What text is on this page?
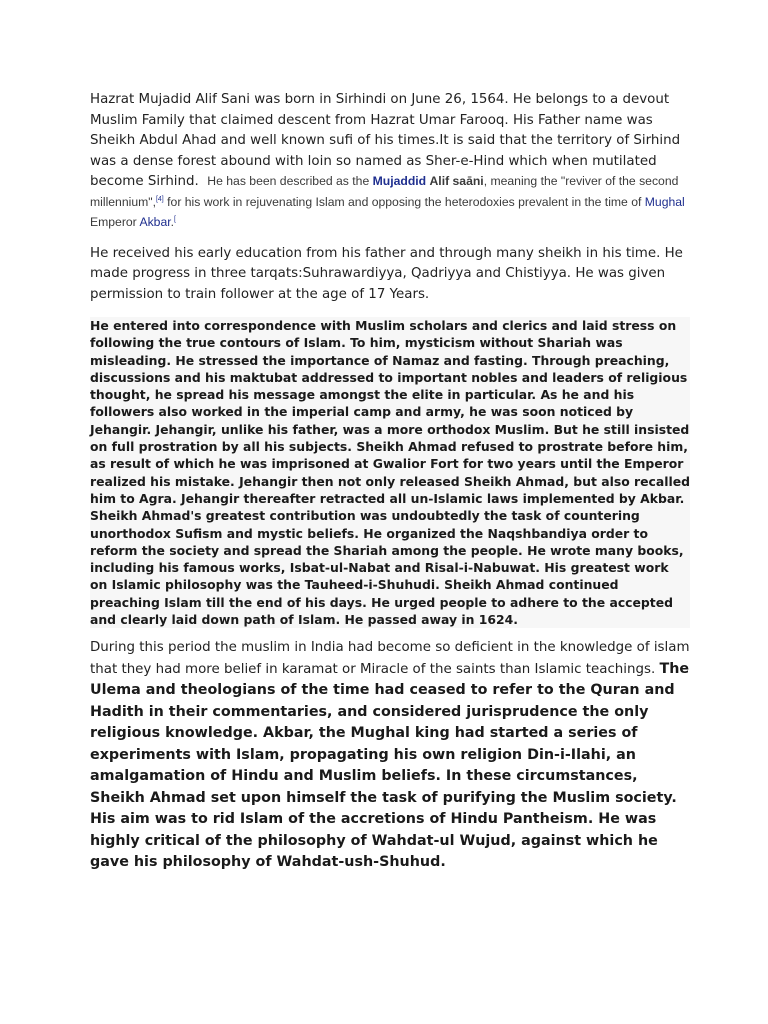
Hazrat Mujadid Alif Sani was born in Sirhindi on June 26, 1564. He belongs to a devout Muslim Family that claimed descent from Hazrat Umar Farooq. His Father name was Sheikh Abdul Ahad and well known sufi of his times.It is said that the territory of Sirhind was a dense forest abound with loin so named as Sher-e-Hind which when mutilated become Sirhind. He has been described as the Mujaddid Alif saāni, meaning the "reviver of the second millennium",[4] for his work in rejuvenating Islam and opposing the heterodoxies prevalent in the time of Mughal Emperor Akbar.[

He received his early education from his father and through many sheikh in his time. He made progress in three tarqats:Suhrawardiyya, Qadriyya and Chistiyya. He was given permission to train follower at the age of 17 Years.

He entered into correspondence with Muslim scholars and clerics and laid stress on following the true contours of Islam. To him, mysticism without Shariah was misleading. He stressed the importance of Namaz and fasting. Through preaching, discussions and his maktubat addressed to important nobles and leaders of religious thought, he spread his message amongst the elite in particular. As he and his followers also worked in the imperial camp and army, he was soon noticed by Jehangir. Jehangir, unlike his father, was a more orthodox Muslim. But he still insisted on full prostration by all his subjects. Sheikh Ahmad refused to prostrate before him, as result of which he was imprisoned at Gwalior Fort for two years until the Emperor realized his mistake. Jehangir then not only released Sheikh Ahmad, but also recalled him to Agra. Jehangir thereafter retracted all un-Islamic laws implemented by Akbar.
Sheikh Ahmad's greatest contribution was undoubtedly the task of countering unorthodox Sufism and mystic beliefs. He organized the Naqshbandiya order to reform the society and spread the Shariah among the people. He wrote many books, including his famous works, Isbat-ul-Nabat and Risal-i-Nabuwat. His greatest work on Islamic philosophy was the Tauheed-i-Shuhudi. Sheikh Ahmad continued preaching Islam till the end of his days. He urged people to adhere to the accepted and clearly laid down path of Islam. He passed away in 1624.

During this period the muslim in India had become so deficient in the knowledge of islam that they had more belief in karamat or Miracle of the saints than Islamic teachings. The Ulema and theologians of the time had ceased to refer to the Quran and Hadith in their commentaries, and considered jurisprudence the only religious knowledge. Akbar, the Mughal king had started a series of experiments with Islam, propagating his own religion Din-i-Ilahi, an amalgamation of Hindu and Muslim beliefs. In these circumstances, Sheikh Ahmad set upon himself the task of purifying the Muslim society. His aim was to rid Islam of the accretions of Hindu Pantheism. He was highly critical of the philosophy of Wahdat-ul Wujud, against which he gave his philosophy of Wahdat-ush-Shuhud.
